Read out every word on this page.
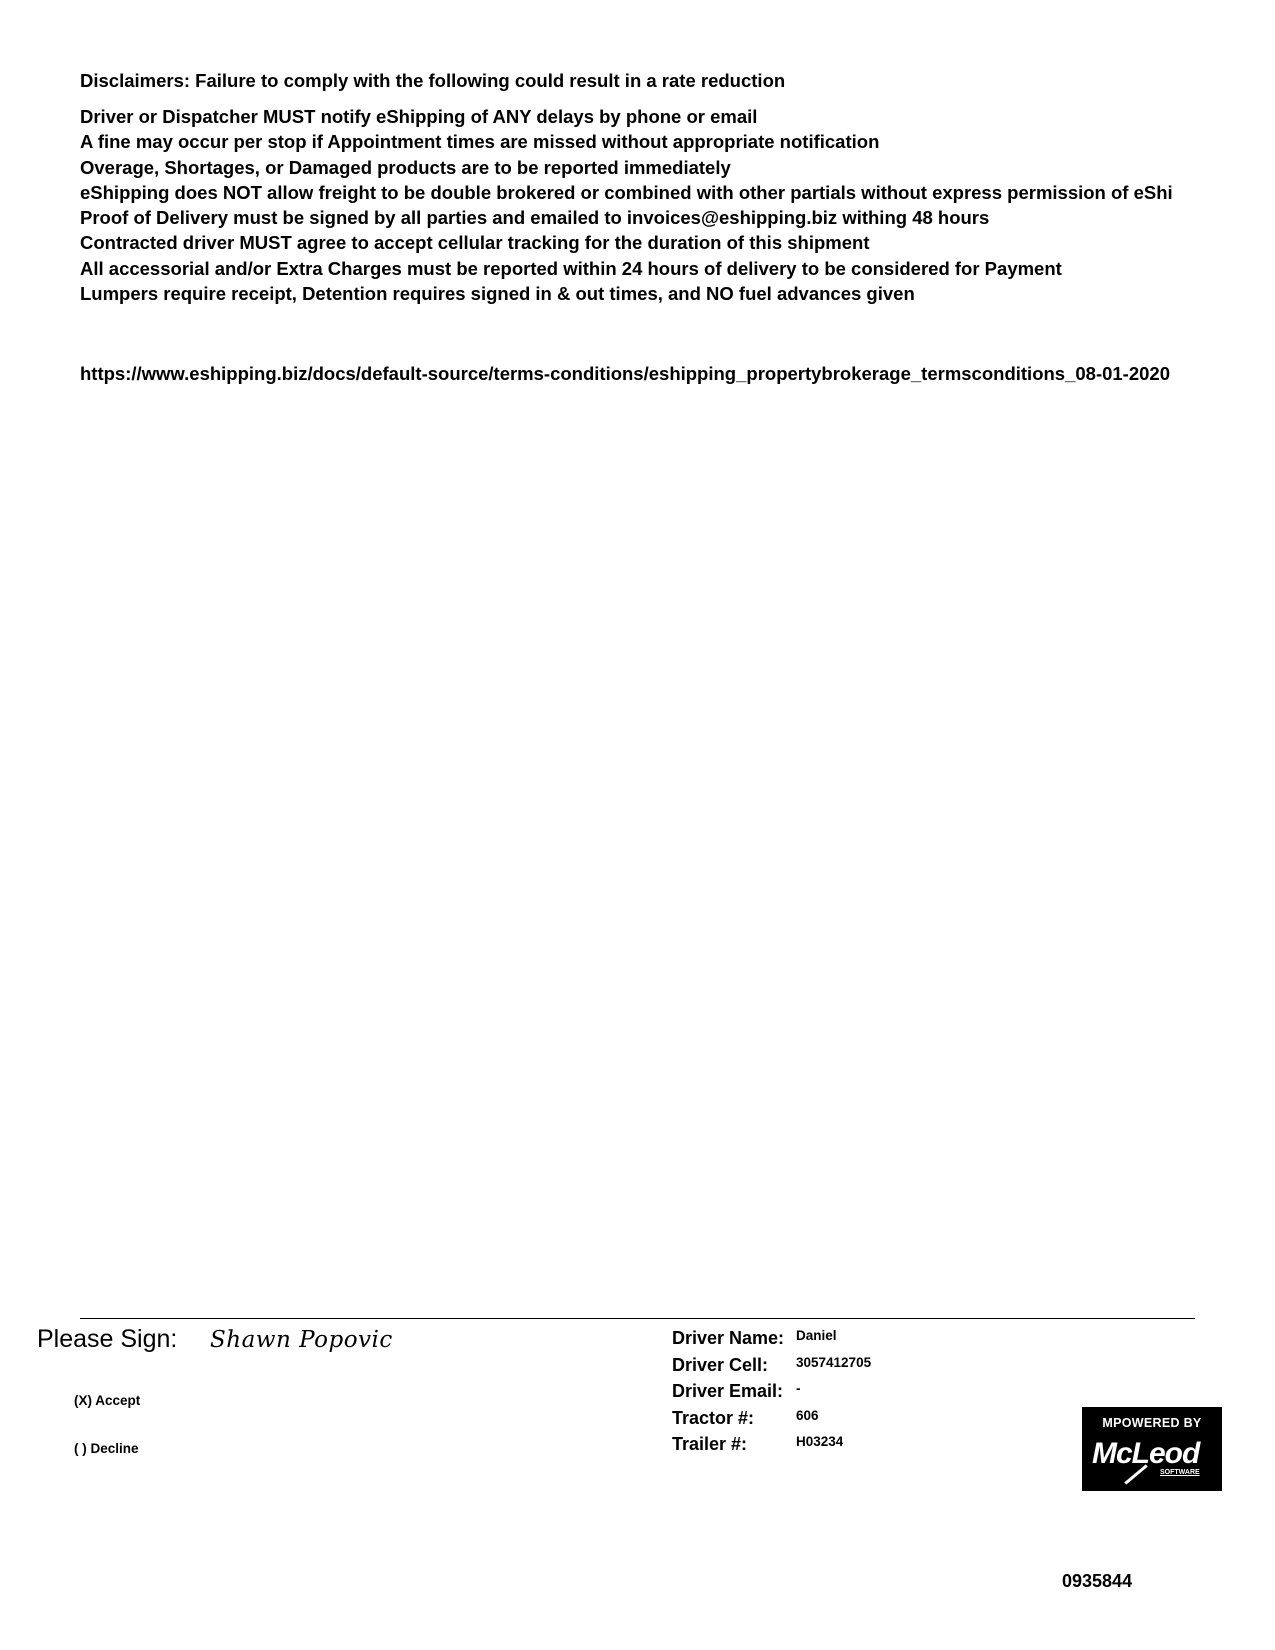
Disclaimers: Failure to comply with the following could result in a rate reduction
Driver or Dispatcher MUST notify eShipping of ANY delays by phone or email
A fine may occur per stop if Appointment times are missed without appropriate notification
Overage, Shortages, or Damaged products are to be reported immediately
eShipping does NOT allow freight to be double brokered or combined with other partials without express permission of eShi
Proof of Delivery must be signed by all parties and emailed to invoices@eshipping.biz withing 48 hours
Contracted driver MUST agree to accept cellular tracking for the duration of this shipment
All accessorial and/or Extra Charges must be reported within 24 hours of delivery to be considered for Payment
Lumpers require receipt, Detention requires signed in & out times, and NO fuel advances given
https://www.eshipping.biz/docs/default-source/terms-conditions/eshipping_propertybrokerage_termsconditions_08-01-2020
Please Sign: Shawn Popovic
(X) Accept
( ) Decline
Driver Name: Daniel
Driver Cell: 3057412705
Driver Email: -
Tractor #:	606
Trailer #:	H03234
MPOWERED BY
McLeod
SOFTWARE
0935844
